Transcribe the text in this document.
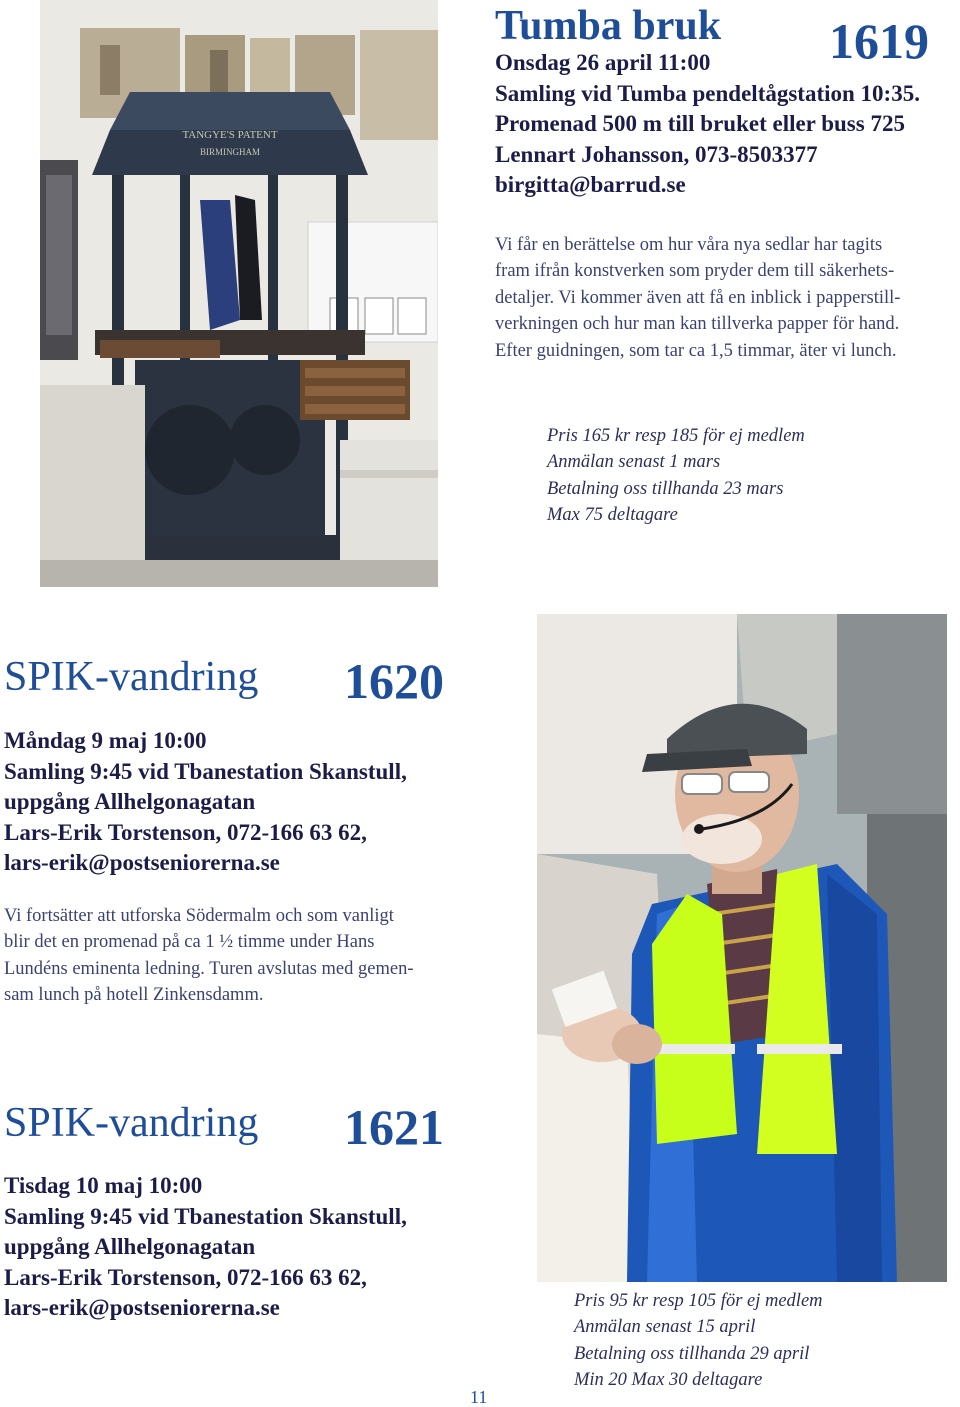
TANGYE'S PATENT
BIRMINGHAM
Tumba bruk 1619

Onsdag 26 april 11:00

Samling vid Tumba pendeltågstation 10:35.

Promenad 500 m till bruket eller buss 725

Lennart Johansson, 073-8503377

birgitta@barrud.se

Vi får en berättelse om hur våra nya sedlar har tagits

fram ifrån konstverken som pryder dem till säkerhets-

detaljer. Vi kommer även att få en inblick i papperstill-

verkningen och hur man kan tillverka papper för hand.

Efter guidningen, som tar ca 1,5 timmar, äter vi lunch.

Pris 165 kr resp 185 för ej medlem

Anmälan senast 1 mars

Betalning oss tillhanda 23 mars

Max 75 deltagare

SPIK-vandring 1620

Måndag 9 maj 10:00

Samling 9:45 vid Tbanestation Skanstull,

uppgång Allhelgonagatan

Lars-Erik Torstenson, 072-166 63 62,

lars-erik@postseniorerna.se

Vi fortsätter att utforska Södermalm och som vanligt

blir det en promenad på ca 1 ½ timme under Hans

Lundéns eminenta ledning. Turen avslutas med gemen-

sam lunch på hotell Zinkensdamm.

SPIK-vandring 1621

Tisdag 10 maj 10:00

Samling 9:45 vid Tbanestation Skanstull,

uppgång Allhelgonagatan

Lars-Erik Torstenson, 072-166 63 62,

lars-erik@postseniorerna.se	Pris 95 kr resp 105 för ej medlem

Anmälan senast 15 april

Betalning oss tillhanda 29 april

Min 20 Max 30 deltagare

11
